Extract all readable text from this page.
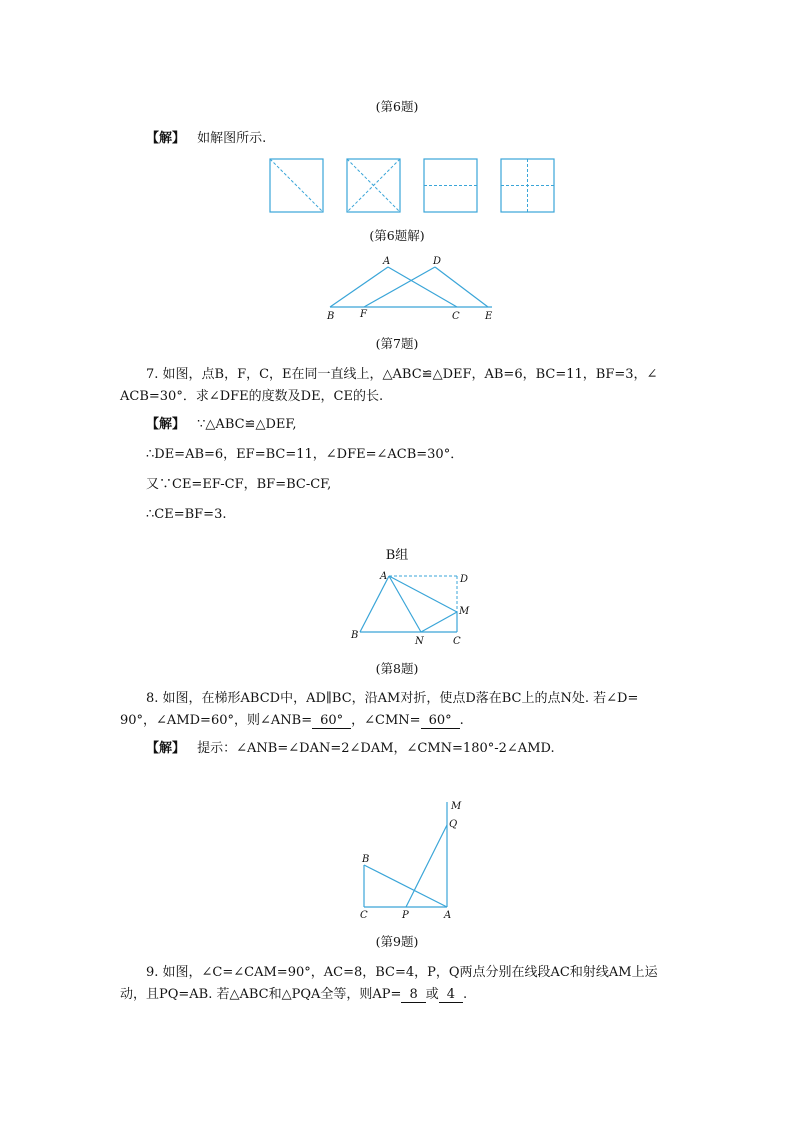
(第6题)
【解】 如解图所示.
(第6题解)
A	D
B	F	C	E
(第7题)
7. 如图，点B，F，C，E在同一直线上，△ABC≌△DEF，AB=6，BC=11，BF=3，∠
ACB=30°．求∠DFE的度数及DE，CE的长.
【解】 ∵△ABC≌△DEF,
∴DE=AB=6，EF=BC=11，∠DFE=∠ACB=30°．
又∵CE=EF-CF，BF=BC-CF,
∴CE=BF=3.
B组
A	D
M
B
N	C
(第8题)
8. 如图，在梯形ABCD中，AD∥BC，沿AM对折，使点D落在BC上的点N处. 若∠D=
90°，∠AMD=60°，则∠ANB= 60° ，∠CMN= 60° .
【解】 提示：∠ANB=∠DAN=2∠DAM，∠CMN=180°-2∠AMD.
M
Q
B
C	P	A
(第9题)
9. 如图，∠C=∠CAM=90°，AC=8，BC=4，P，Q两点分别在线段AC和射线AM上运
动，且PQ=AB. 若△ABC和△PQA全等，则AP= 8 或 4 .
